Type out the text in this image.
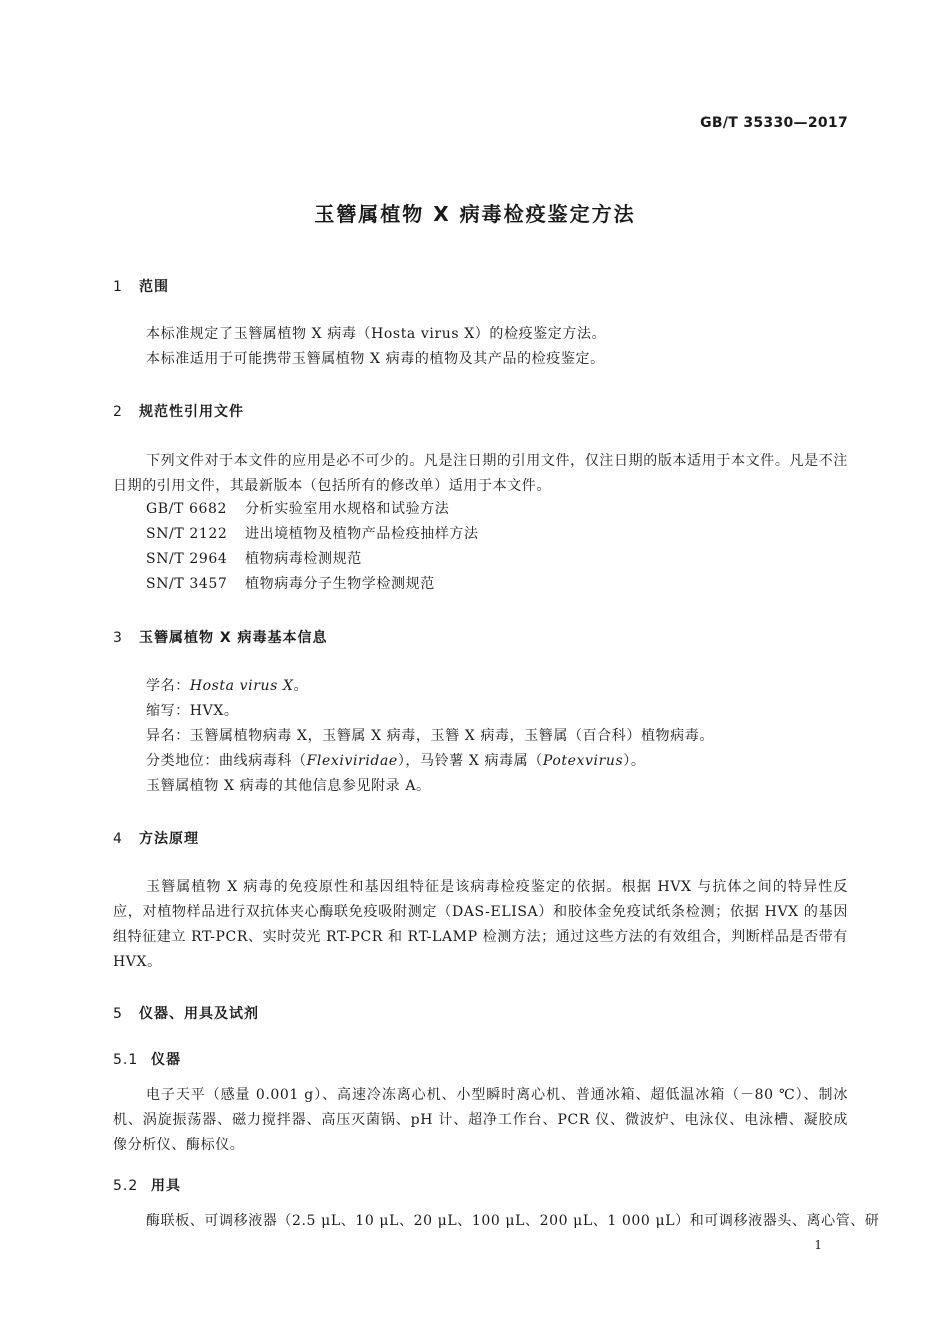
GB/T 35330—2017
玉簪属植物 X 病毒检疫鉴定方法
1 范围
本标准规定了玉簪属植物 X 病毒（Hosta virus X）的检疫鉴定方法。
本标准适用于可能携带玉簪属植物 X 病毒的植物及其产品的检疫鉴定。
2 规范性引用文件
下列文件对于本文件的应用是必不可少的。凡是注日期的引用文件，仅注日期的版本适用于本文件。凡是不注日期的引用文件，其最新版本（包括所有的修改单）适用于本文件。
GB/T 6682 分析实验室用水规格和试验方法
SN/T 2122 进出境植物及植物产品检疫抽样方法
SN/T 2964 植物病毒检测规范
SN/T 3457 植物病毒分子生物学检测规范
3 玉簪属植物 X 病毒基本信息
学名：Hosta virus X。
缩写：HVX。
异名：玉簪属植物病毒 X，玉簪属 X 病毒，玉簪 X 病毒，玉簪属（百合科）植物病毒。
分类地位：曲线病毒科（Flexiviridae），马铃薯 X 病毒属（Potexvirus）。
玉簪属植物 X 病毒的其他信息参见附录 A。
4 方法原理
玉簪属植物 X 病毒的免疫原性和基因组特征是该病毒检疫鉴定的依据。根据 HVX 与抗体之间的特异性反应，对植物样品进行双抗体夹心酶联免疫吸附测定（DAS-ELISA）和胶体金免疫试纸条检测；依据 HVX 的基因组特征建立 RT-PCR、实时荧光 RT-PCR 和 RT-LAMP 检测方法；通过这些方法的有效组合，判断样品是否带有 HVX。
5 仪器、用具及试剂
5.1 仪器
电子天平（感量 0.001 g）、高速冷冻离心机、小型瞬时离心机、普通冰箱、超低温冰箱（－80 ℃）、制冰机、涡旋振荡器、磁力搅拌器、高压灭菌锅、pH 计、超净工作台、PCR 仪、微波炉、电泳仪、电泳槽、凝胶成像分析仪、酶标仪。
5.2 用具
酶联板、可调移液器（2.5 μL、10 μL、20 μL、100 μL、200 μL、1 000 μL）和可调移液器头、离心管、研
1
